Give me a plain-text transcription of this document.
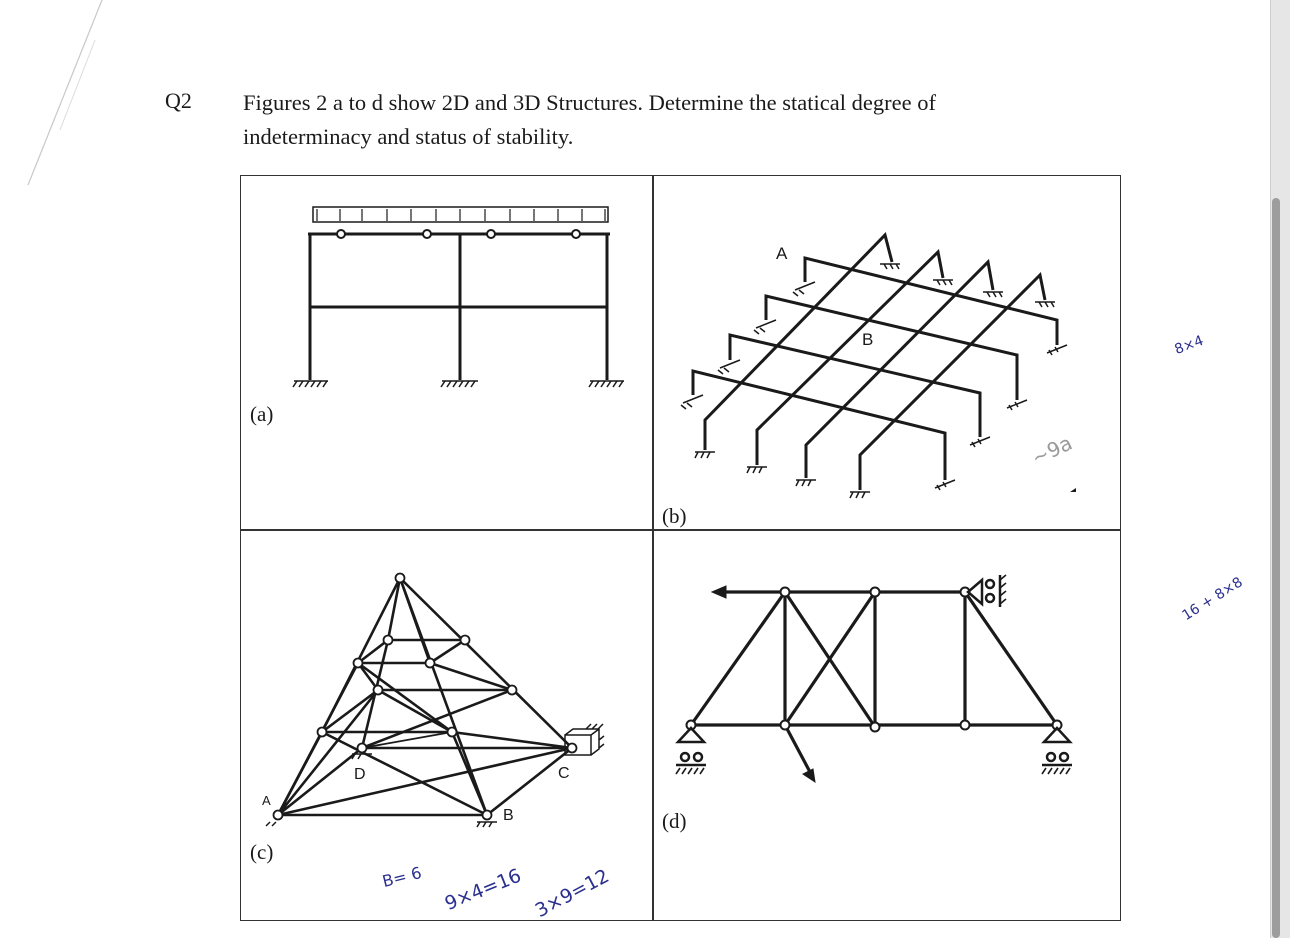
Q2 Figures 2 a to d show 2D and 3D Structures. Determine the statical degree of
indeterminacy and status of stability.
(a)
A
B
~9a
(b)
D	C
B
A
(c)
(d)
B= 6 9×4=16 3×9=12
8×4
16 + 8×8
